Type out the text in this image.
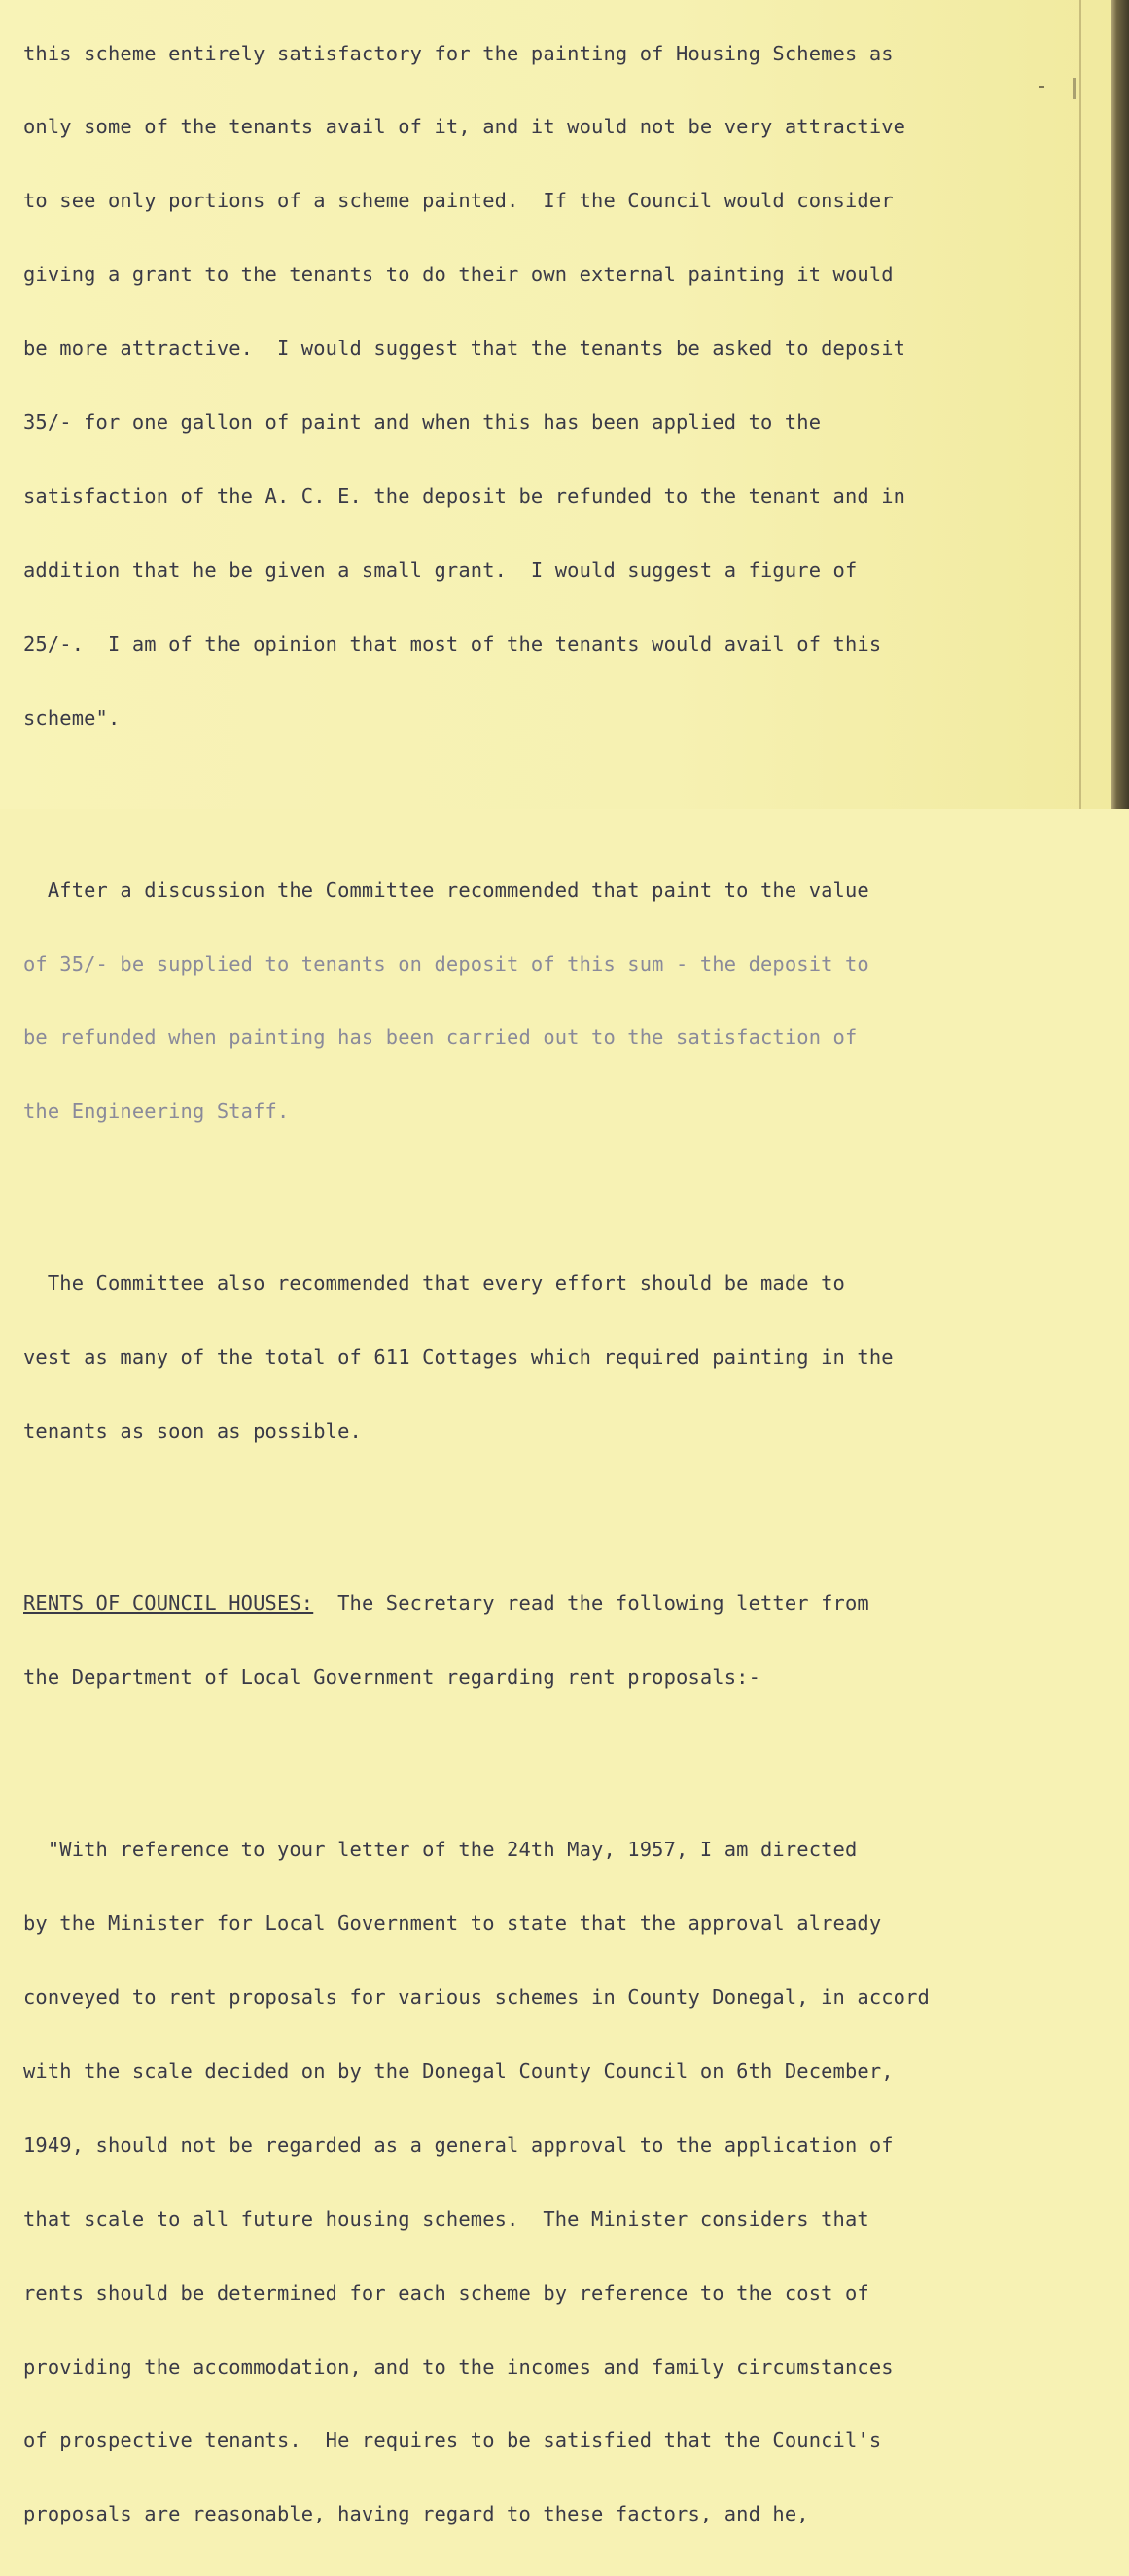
this scheme entirely satisfactory for the painting of Housing Schemes as

only some of the tenants avail of it, and it would not be very attractive

to see only portions of a scheme painted.  If the Council would consider

giving a grant to the tenants to do their own external painting it would

be more attractive.  I would suggest that the tenants be asked to deposit

35/- for one gallon of paint and when this has been applied to the

satisfaction of the A. C. E. the deposit be refunded to the tenant and in

addition that he be given a small grant.  I would suggest a figure of

25/-.  I am of the opinion that most of the tenants would avail of this

scheme".

After a discussion the Committee recommended that paint to the value

of 35/- be supplied to tenants on deposit of this sum - the deposit to

be refunded when painting has been carried out to the satisfaction of

the Engineering Staff.

The Committee also recommended that every effort should be made to

vest as many of the total of 611 Cottages which required painting in the

tenants as soon as possible.

RENTS OF COUNCIL HOUSES:  The Secretary read the following letter from

the Department of Local Government regarding rent proposals:-

"With reference to your letter of the 24th May, 1957, I am directed

by the Minister for Local Government to state that the approval already

conveyed to rent proposals for various schemes in County Donegal, in accord

with the scale decided on by the Donegal County Council on 6th December,

1949, should not be regarded as a general approval to the application of

that scale to all future housing schemes.  The Minister considers that

rents should be determined for each scheme by reference to the cost of

providing the accommodation, and to the incomes and family circumstances

of prospective tenants.  He requires to be satisfied that the Council's

proposals are reasonable, having regard to these factors, and he,
